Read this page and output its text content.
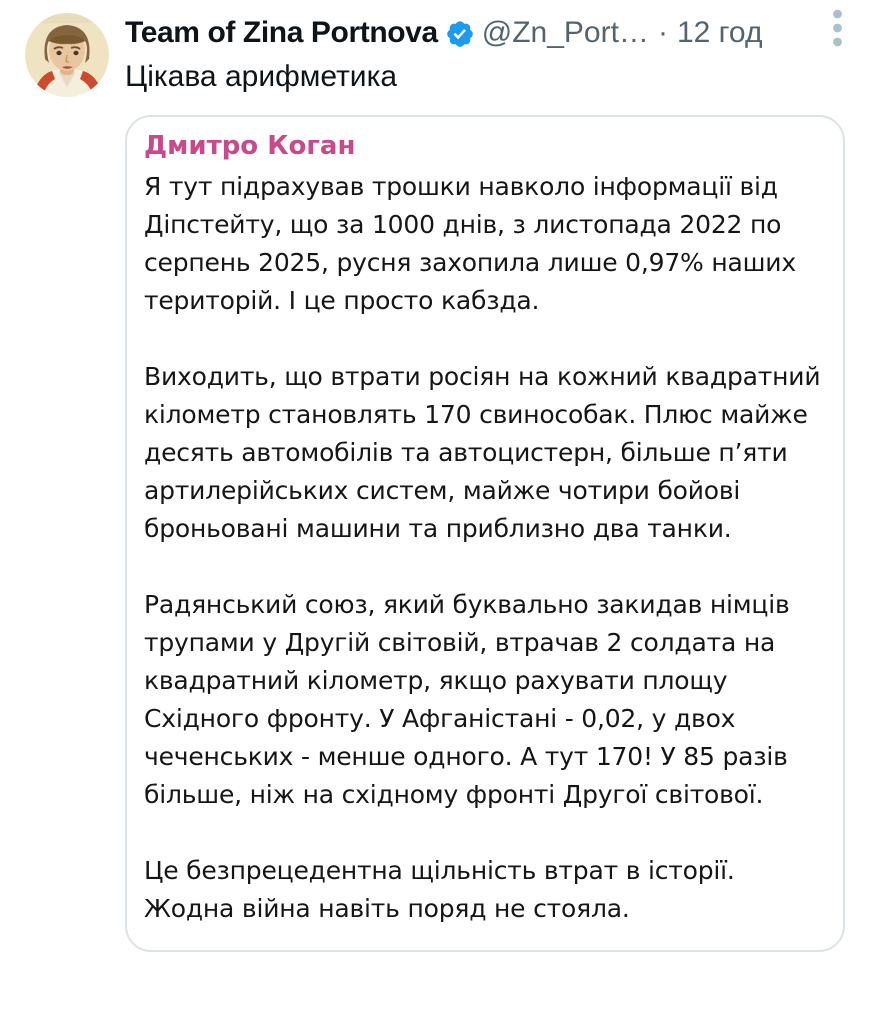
Team of Zina Portnova @Zn_Port… · 12 год
Цікава арифметика
Дмитро Коган

Я тут підрахував трошки навколо інформації від Діпстейту, що за 1000 днів, з листопада 2022 по серпень 2025, русня захопила лише 0,97% наших територій. І це просто кабзда.

Виходить, що втрати росіян на кожний квадратний кілометр становлять 170 свинособак. Плюс майже десять автомобілів та автоцистерн, більше п’яти артилерійських систем, майже чотири бойові броньовані машини та приблизно два танки.

Радянський союз, який буквально закидав німців трупами у Другій світовій, втрачав 2 солдата на квадратний кілометр, якщо рахувати площу Східного фронту. У Афганістані - 0,02, у двох чеченських - менше одного. А тут 170! У 85 разів більше, ніж на східному фронті Другої світової.

Це безпрецедентна щільність втрат в історії. Жодна війна навіть поряд не стояла.
